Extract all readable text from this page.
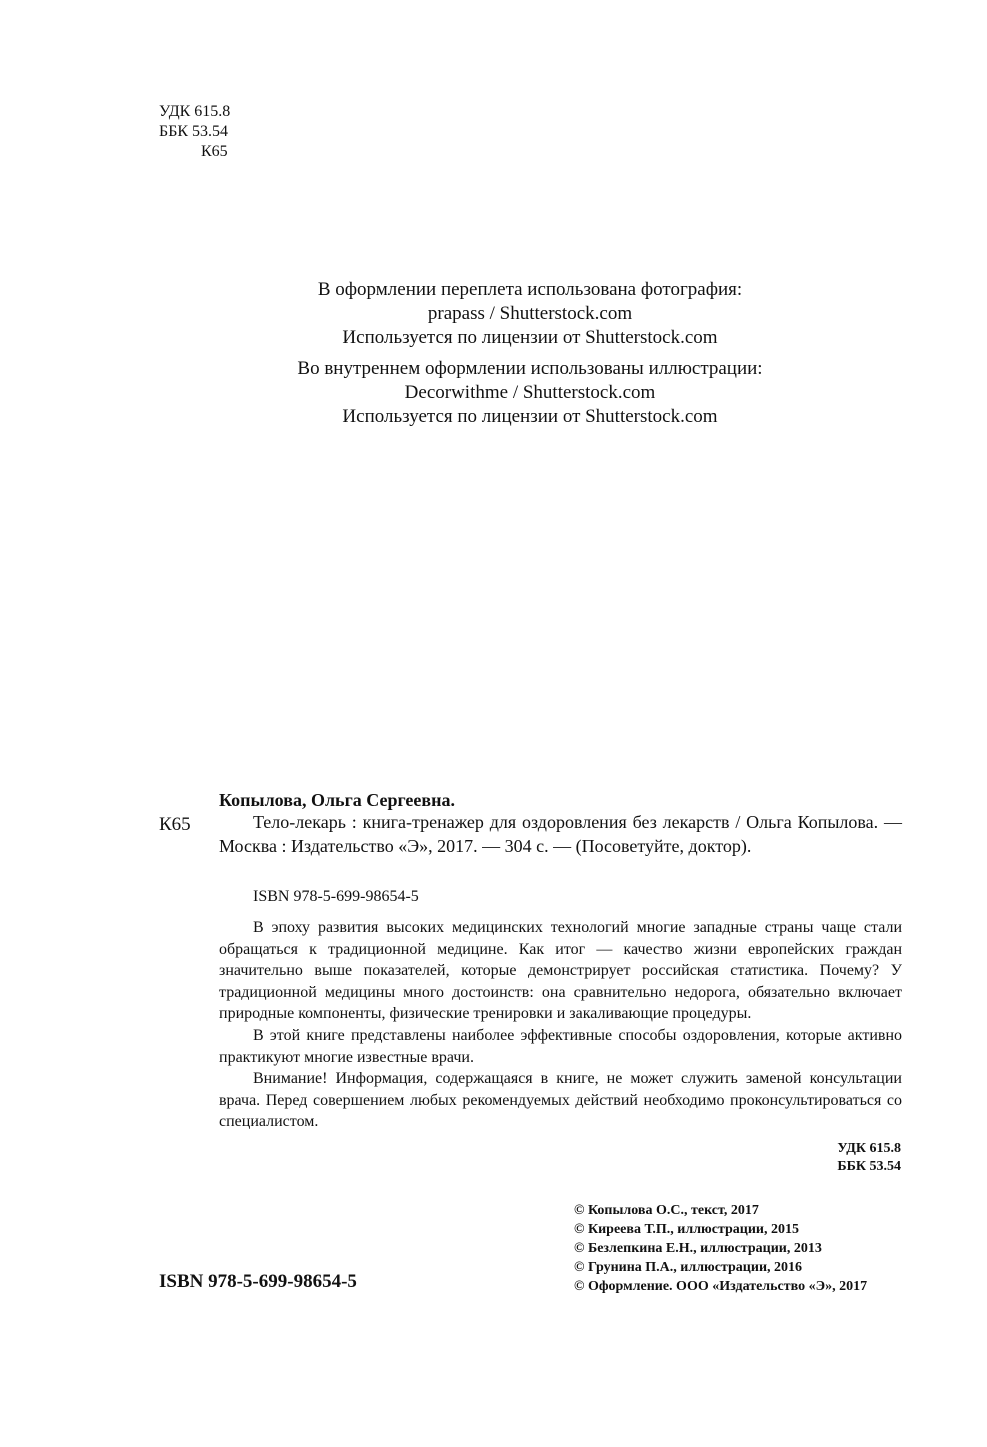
УДК 615.8
ББК 53.54
К65
В оформлении переплета использована фотография:
prapass / Shutterstock.com
Используется по лицензии от Shutterstock.com
Во внутреннем оформлении использованы иллюстрации:
Decorwithme / Shutterstock.com
Используется по лицензии от Shutterstock.com
Копылова, Ольга Сергеевна.
К65	Тело-лекарь : книга-тренажер для оздоровления без лекарств / Ольга Копылова. — Москва : Издательство «Э», 2017. — 304 с. — (Посоветуйте, доктор).

ISBN 978-5-699-98654-5

В эпоху развития высоких медицинских технологий многие западные страны чаще стали обращаться к традиционной медицине. Как итог — качество жизни европейских граждан значительно выше показателей, которые демонстрирует российская статистика. Почему? У традиционной медицины много достоинств: она сравнительно недорога, обязательно включает природные компоненты, физические тренировки и закаливающие процедуры.

В этой книге представлены наиболее эффективные способы оздоровления, которые активно практикуют многие известные врачи.

Внимание! Информация, содержащаяся в книге, не может служить заменой консультации врача. Перед совершением любых рекомендуемых действий необходимо проконсультироваться со специалистом.

УДК 615.8
ББК 53.54
© Копылова О.С., текст, 2017
© Киреева Т.П., иллюстрации, 2015
© Безлепкина Е.Н., иллюстрации, 2013
© Грунина П.А., иллюстрации, 2016
© Оформление. ООО «Издательство «Э», 2017
ISBN 978-5-699-98654-5
